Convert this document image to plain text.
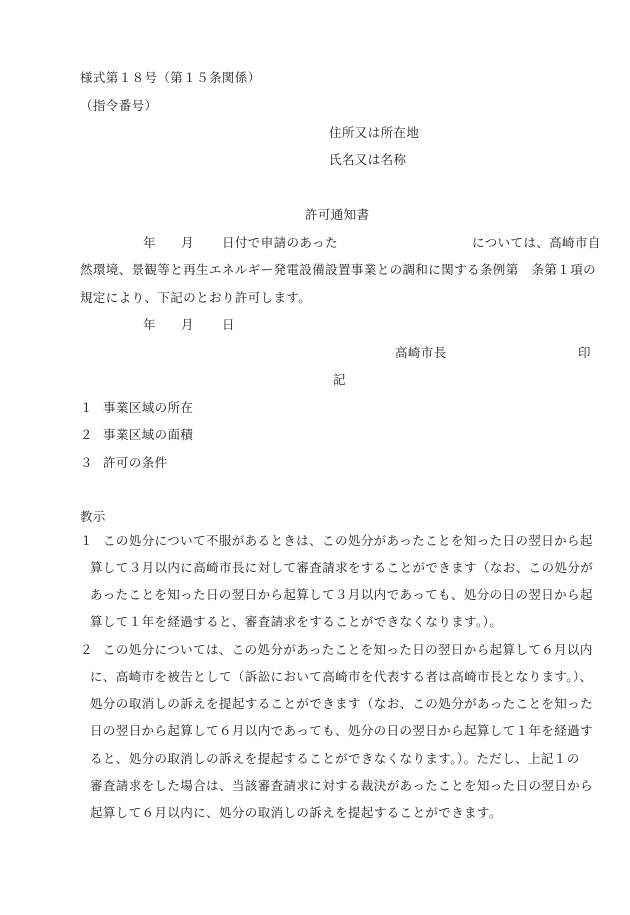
様式第１８号（第１５条関係）
（指令番号）
住所又は所在地
氏名又は名称
許可通知書
年 月 日付で申請のあった	については、高崎市自
然環境、景観等と再生エネルギー発電設備設置事業との調和に関する条例第　条第１項の
規定により、下記のとおり許可します。
年 月 日
高崎市長	印
記
１ 事業区域の所在
２ 事業区域の面積
３ 許可の条件
教示
１ この処分について不服があるときは、この処分があったことを知った日の翌日から起
算して３月以内に高崎市長に対して審査請求をすることができます（なお、この処分が
あったことを知った日の翌日から起算して３月以内であっても、処分の日の翌日から起
算して１年を経過すると、審査請求をすることができなくなります。）。
２ この処分については、この処分があったことを知った日の翌日から起算して６月以内
に、高崎市を被告として（訴訟において高崎市を代表する者は高崎市長となります。）、
処分の取消しの訴えを提起することができます（なお、この処分があったことを知った
日の翌日から起算して６月以内であっても、処分の日の翌日から起算して１年を経過す
ると、処分の取消しの訴えを提起することができなくなります。）。ただし、上記１の
審査請求をした場合は、当該審査請求に対する裁決があったことを知った日の翌日から
起算して６月以内に、処分の取消しの訴えを提起することができます。
